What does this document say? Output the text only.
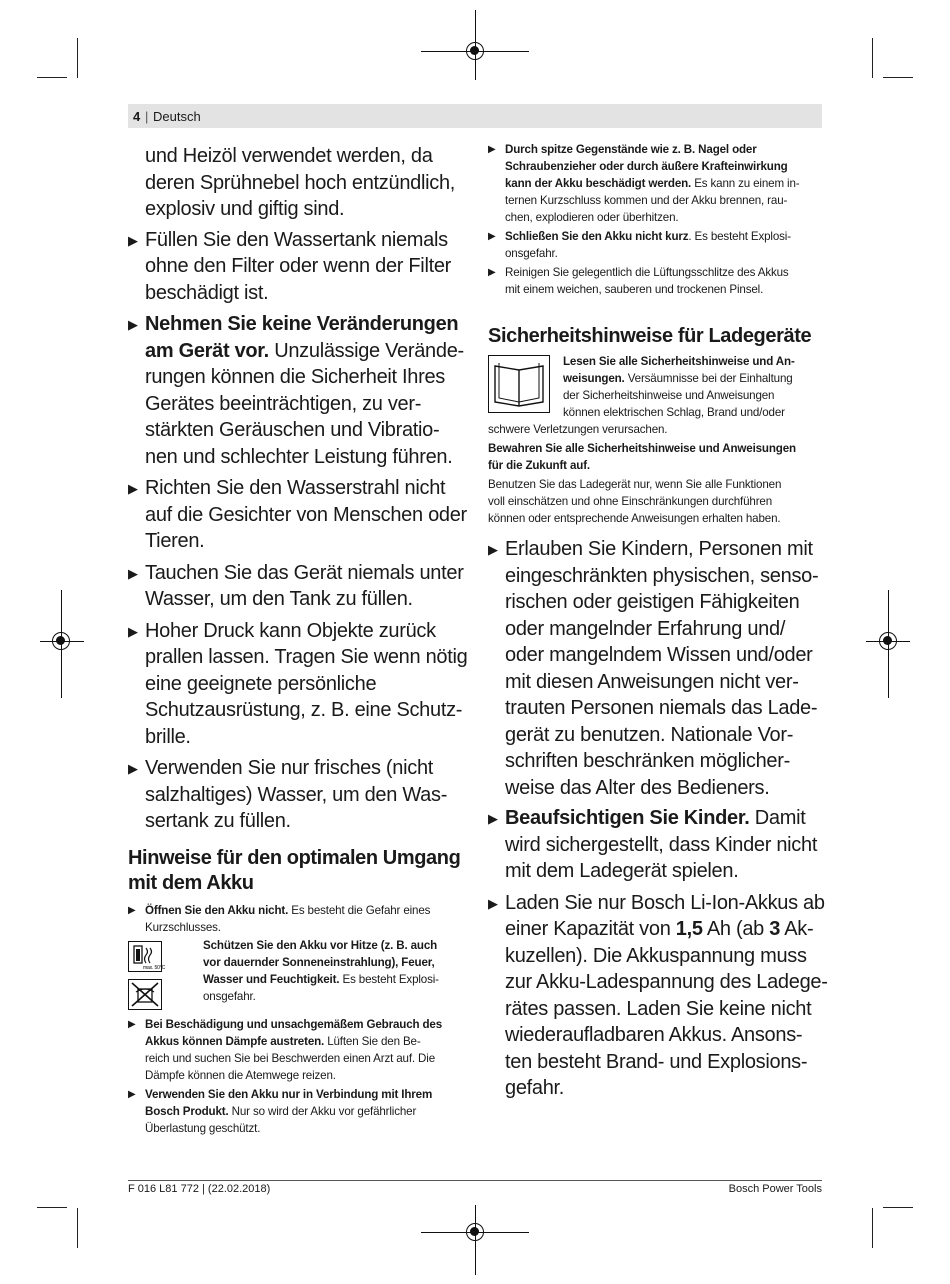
4 | Deutsch
und Heizöl verwendet werden, da
deren Sprühnebel hoch entzündlich,
explosiv und giftig sind.
▶ Füllen Sie den Wassertank niemals
ohne den Filter oder wenn der Filter
beschädigt ist.
▶ Nehmen Sie keine Veränderungen
am Gerät vor. Unzulässige Verände-
rungen können die Sicherheit Ihres
Gerätes beeinträchtigen, zu ver-
stärkten Geräuschen und Vibratio-
nen und schlechter Leistung führen.
▶ Richten Sie den Wasserstrahl nicht
auf die Gesichter von Menschen oder
Tieren.
▶ Tauchen Sie das Gerät niemals unter
Wasser, um den Tank zu füllen.
▶ Hoher Druck kann Objekte zurück
prallen lassen. Tragen Sie wenn nötig
eine geeignete persönliche
Schutzausrüstung, z. B. eine Schutz-
brille.
▶ Verwenden Sie nur frisches (nicht
salzhaltiges) Wasser, um den Was-
sertank zu füllen.
Hinweise für den optimalen Umgang
mit dem Akku
▶ Öffnen Sie den Akku nicht. Es besteht die Gefahr eines
Kurzschlusses.
max. 50°C
Schützen Sie den Akku vor Hitze (z. B. auch
vor dauernder Sonneneinstrahlung), Feuer,
Wasser und Feuchtigkeit. Es besteht Explosi-
onsgefahr.
▶ Bei Beschädigung und unsachgemäßem Gebrauch des
Akkus können Dämpfe austreten. Lüften Sie den Be-
reich und suchen Sie bei Beschwerden einen Arzt auf. Die
Dämpfe können die Atemwege reizen.
▶ Verwenden Sie den Akku nur in Verbindung mit Ihrem
Bosch Produkt. Nur so wird der Akku vor gefährlicher
Überlastung geschützt.
▶ Durch spitze Gegenstände wie z. B. Nagel oder
Schraubenzieher oder durch äußere Krafteinwirkung
kann der Akku beschädigt werden. Es kann zu einem in-
ternen Kurzschluss kommen und der Akku brennen, rau-
chen, explodieren oder überhitzen.
▶ Schließen Sie den Akku nicht kurz. Es besteht Explosi-
onsgefahr.
▶ Reinigen Sie gelegentlich die Lüftungsschlitze des Akkus
mit einem weichen, sauberen und trockenen Pinsel.
Sicherheitshinweise für Ladegeräte
Lesen Sie alle Sicherheitshinweise und An-
weisungen. Versäumnisse bei der Einhaltung
der Sicherheitshinweise und Anweisungen
können elektrischen Schlag, Brand und/oder
schwere Verletzungen verursachen.
Bewahren Sie alle Sicherheitshinweise und Anweisungen
für die Zukunft auf.
Benutzen Sie das Ladegerät nur, wenn Sie alle Funktionen
voll einschätzen und ohne Einschränkungen durchführen
können oder entsprechende Anweisungen erhalten haben.
▶ Erlauben Sie Kindern, Personen mit
eingeschränkten physischen, senso-
rischen oder geistigen Fähigkeiten
oder mangelnder Erfahrung und/
oder mangelndem Wissen und/oder
mit diesen Anweisungen nicht ver-
trauten Personen niemals das Lade-
gerät zu benutzen. Nationale Vor-
schriften beschränken möglicher-
weise das Alter des Bedieners.
▶ Beaufsichtigen Sie Kinder. Damit
wird sichergestellt, dass Kinder nicht
mit dem Ladegerät spielen.
▶ Laden Sie nur Bosch Li-Ion-Akkus ab
einer Kapazität von 1,5 Ah (ab 3 Ak-
kuzellen). Die Akkuspannung muss
zur Akku-Ladespannung des Ladege-
rätes passen. Laden Sie keine nicht
wiederaufladbaren Akkus. Ansons-
ten besteht Brand- und Explosions-
gefahr.
F 016 L81 772 | (22.02.2018)	Bosch Power Tools
